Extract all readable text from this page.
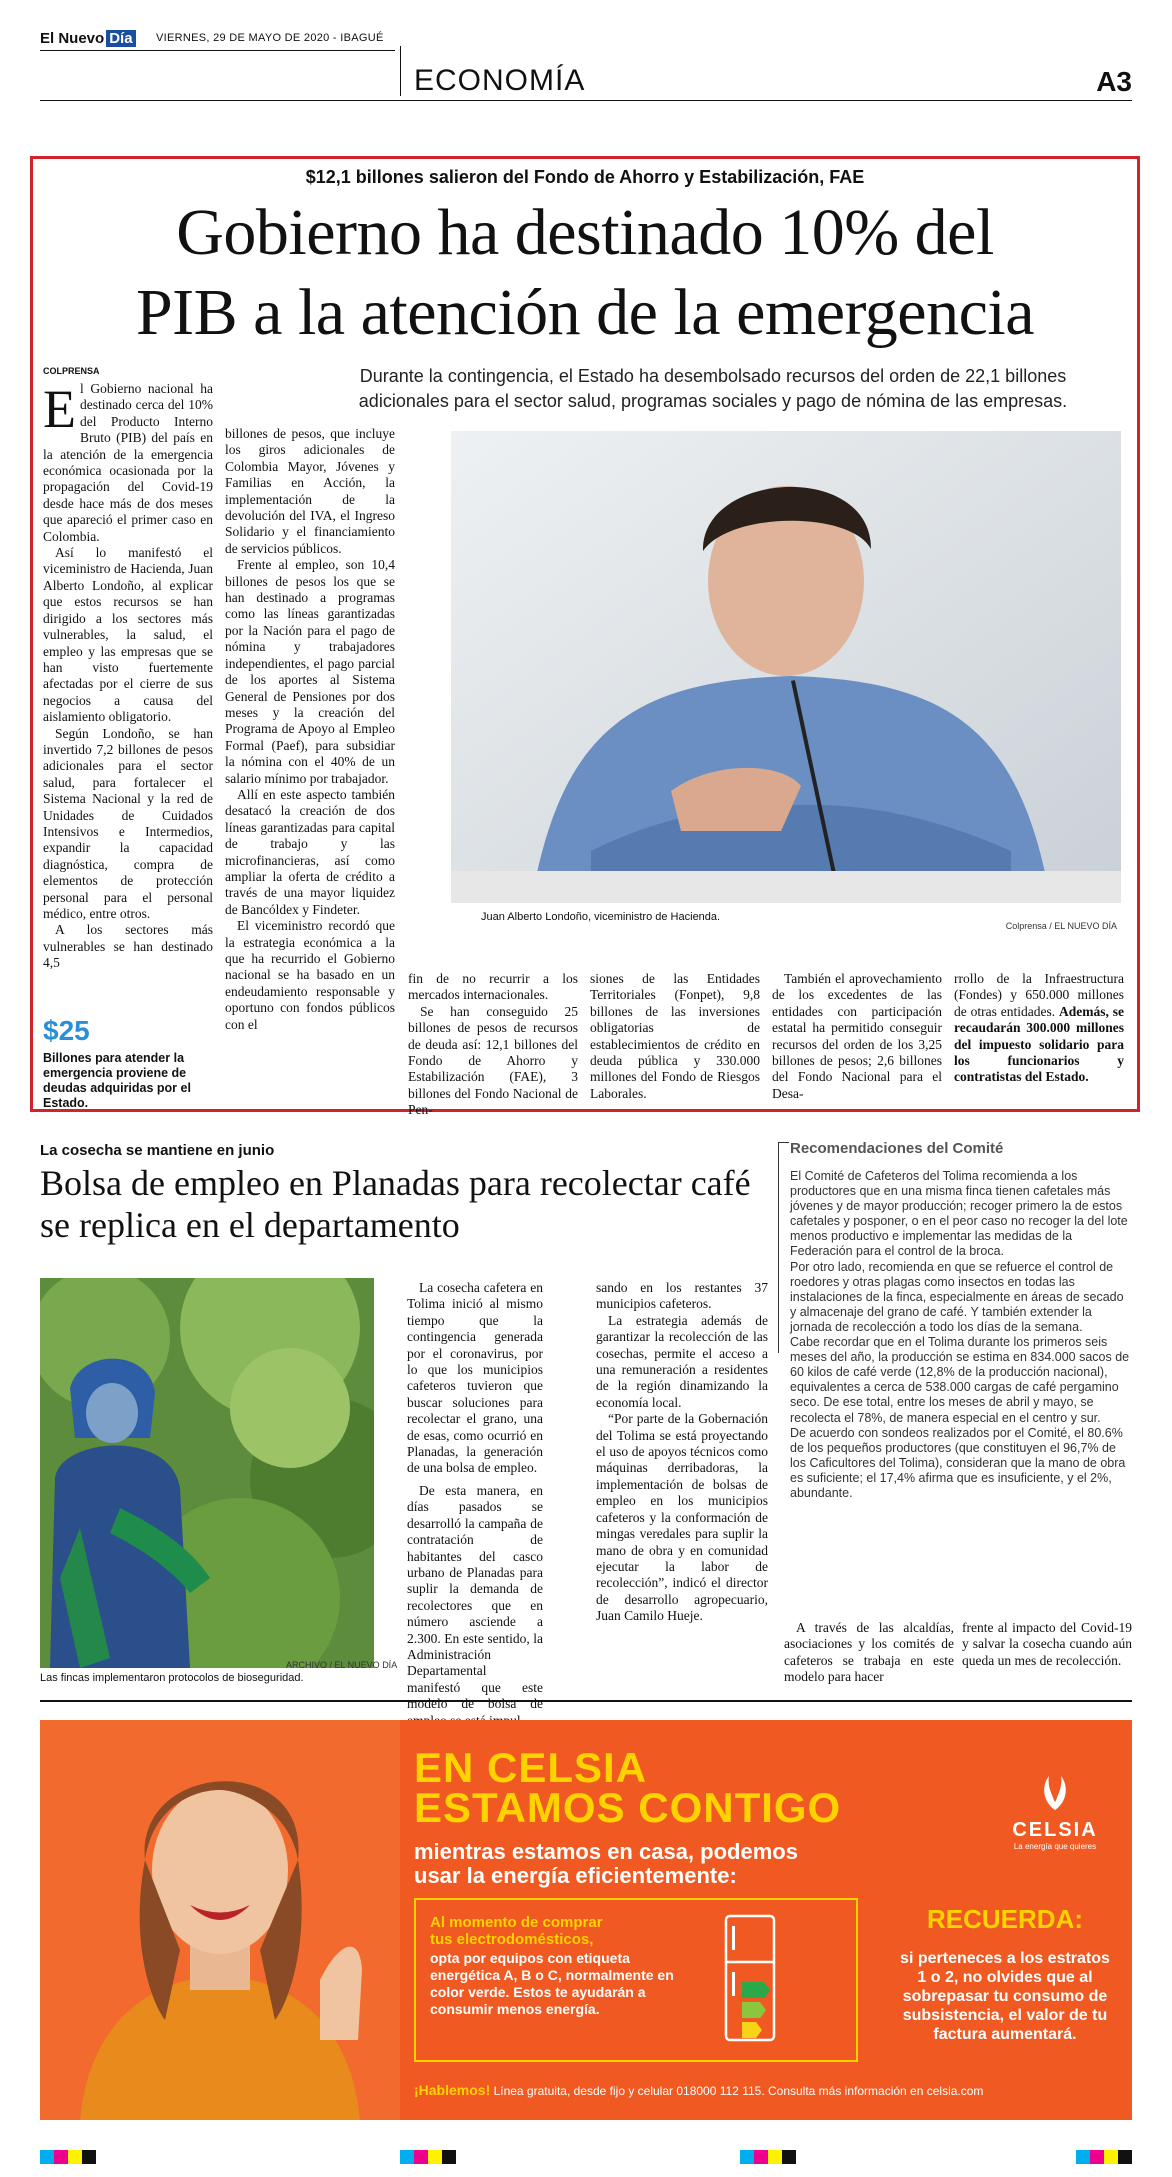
El Nuevo Día VIERNES, 29 DE MAYO DE 2020 - IBAGUÉ
ECONOMÍA	A3
$12,1 billones salieron del Fondo de Ahorro y Estabilización, FAE
Gobierno ha destinado 10% del
PIB a la atención de la emergencia
COLPRENSA	Durante la contingencia, el Estado ha desembolsado recursos del orden de 22,1 billones adicionales para el sector salud, programas sociales y pago de nómina de las empresas.

El Gobierno nacional ha destinado cerca del 10% del Producto Interno Bruto (PIB) del país en la atención de la emergencia económica ocasionada por la propagación del Covid-19 desde hace más de dos meses que apareció el primer caso en Colombia.

Así lo manifestó el viceministro de Hacienda, Juan Alberto Londoño, al explicar que estos recursos se han dirigido a los sectores más vulnerables, la salud, el empleo y las empresas que se han visto fuertemente afectadas por el cierre de sus negocios a causa del aislamiento obligatorio.

Según Londoño, se han invertido 7,2 billones de pesos adicionales para el sector salud, para fortalecer el Sistema Nacional y la red de Unidades de Cuidados Intensivos e Intermedios, expandir la capacidad diagnóstica, compra de elementos de protección personal para el personal médico, entre otros.

A los sectores más vulnerables se han destinado 4,5

billones de pesos, que incluye los giros adicionales de Colombia Mayor, Jóvenes y Familias en Acción, la implementación de la devolución del IVA, el Ingreso Solidario y el financiamiento de servicios públicos.

Frente al empleo, son 10,4 billones de pesos los que se han destinado a programas como las líneas garantizadas por la Nación para el pago de nómina y trabajadores independientes, el pago parcial de los aportes al Sistema General de Pensiones por dos meses y la creación del Programa de Apoyo al Empleo Formal (Paef), para subsidiar la nómina con el 40% de un salario mínimo por trabajador.

Allí en este aspecto también desatacó la creación de dos líneas garantizadas para capital de trabajo y las microfinancieras, así como ampliar la oferta de crédito a través de una mayor liquidez de Bancóldex y Findeter.

El viceministro recordó que la estrategia económica a la que ha recurrido el Gobierno nacional se ha basado en un endeudamiento responsable y oportuno con fondos públicos con el

Juan Alberto Londoño, viceministro de Hacienda.
Colprensa / EL NUEVO DÍA

fin de no recurrir a los mercados internacionales.

Se han conseguido 25 billones de pesos de recursos de deuda así: 12,1 billones del Fondo de Ahorro y Estabilización (FAE), 3 billones del Fondo Nacional de Pen-

siones de las Entidades Territoriales (Fonpet), 9,8 billones de las inversiones obligatorias de establecimientos de crédito en deuda pública y 330.000 millones del Fondo de Riesgos Laborales.

También el aprovechamiento de los excedentes de las entidades con participación estatal ha permitido conseguir recursos del orden de los 3,25 billones de pesos; 2,6 billones del Fondo Nacional para el Desa-

rrollo de la Infraestructura (Fondes) y 650.000 millones de otras entidades. Además, se recaudarán 300.000 millones del impuesto solidario para los funcionarios y contratistas del Estado.

$25
Billones para atender la emergencia proviene de deudas adquiridas por el Estado.
La cosecha se mantiene en junio
Bolsa de empleo en Planadas para recolectar café se replica en el departamento
ARCHIVO / EL NUEVO DÍA
Las fincas implementaron protocolos de bioseguridad.

La cosecha cafetera en Tolima inició al mismo tiempo que la contingencia generada por el coronavirus, por lo que los municipios cafeteros tuvieron que buscar soluciones para recolectar el grano, una de esas, como ocurrió en Planadas, la generación de una bolsa de empleo.

De esta manera, en días pasados se desarrolló la campaña de contratación de habitantes del casco urbano de Planadas para suplir la demanda de recolectores que en número asciende a 2.300. En este sentido, la Administración Departamental manifestó que este modelo de bolsa de

sando en los restantes 37 municipios cafeteros.

La estrategia además de garantizar la recolección de las cosechas, permite el acceso a una remuneración a residentes de la región dinamizando la economía local.

“Por parte de la Gobernación del Tolima se está proyectando el uso de apoyos técnicos como máquinas derribadoras, la implementación de bolsas de empleo en los municipios cafeteros y la conformación de mingas veredales para suplir la mano de obra y en comunidad ejecutar la labor de recolección”, indicó el director de desarrollo agropecuario, Juan Camilo Hueje.

A través de las alcaldías, asociaciones y los comités de cafeteros se trabaja en este modelo para hacer

frente al impacto del Covid-19 y salvar la cosecha cuando aún queda un mes de recolección.

Recomendaciones del Comité

El Comité de Cafeteros del Tolima recomienda a los productores que en una misma finca tienen cafetales más jóvenes y de mayor producción; recoger primero la de estos cafetales y posponer, o en el peor caso no recoger la del lote menos productivo e implementar las medidas de la Federación para el control de la broca.

Por otro lado, recomienda en que se refuerce el control de roedores y otras plagas como insectos en todas las instalaciones de la finca, especialmente en áreas de secado y almacenaje del grano de café. Y también extender la jornada de recolección a todo los días de la semana.

Cabe recordar que en el Tolima durante los primeros seis meses del año, la producción se estima en 834.000 sacos de 60 kilos de café verde (12,8% de la producción nacional), equivalentes a cerca de 538.000 cargas de café pergamino seco. De ese total, entre los meses de abril y mayo, se recolecta el 78%, de manera especial en el centro y sur.

De acuerdo con sondeos realizados por el Comité, el 80.6% de los pequeños productores (que constituyen el 96,7% de los Caficultores del Tolima), consideran que la mano de obra es suficiente; el 17,4% afirma que es insuficiente, y el 2%, abundante.

EN CELSIA
ESTAMOS CONTIGO
mientras estamos en casa, podemos
usar la energía eficientemente:
Al momento de comprar
tus electrodomésticos,
opta por equipos con etiqueta energética A, B o C, normalmente en color verde. Estos te ayudarán a consumir menos energía.
RECUERDA:
si perteneces a los estratos 1 o 2, no olvides que al sobrepasar tu consumo de subsistencia, el valor de tu factura aumentará.
CELSIA
La energía que quieres
¡Hablemos! Línea gratuita, desde fijo y celular 018000 112 115. Consulta más información en celsia.com
